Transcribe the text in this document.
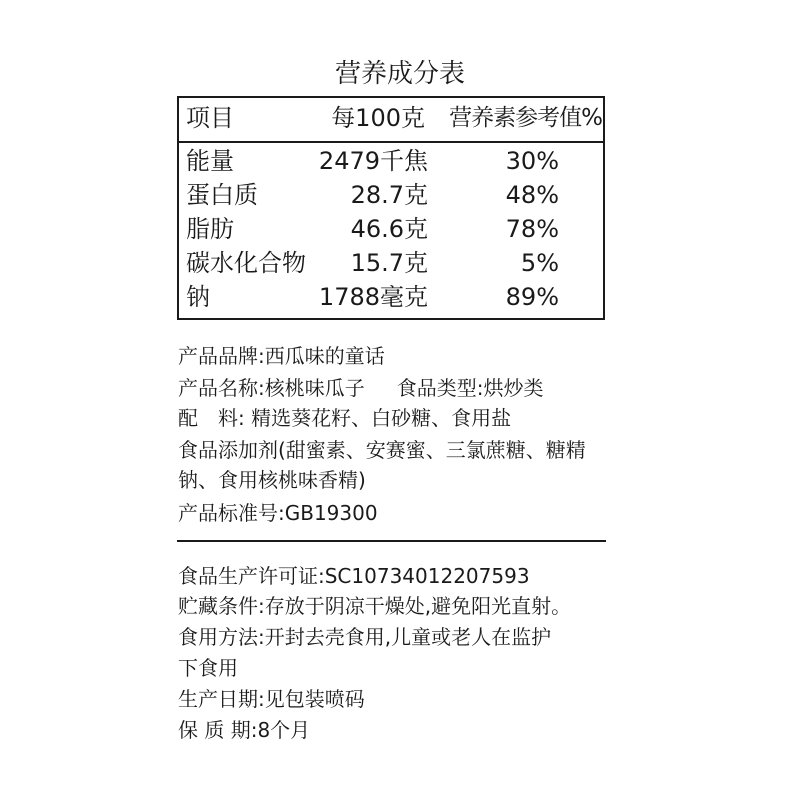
营养成分表
项目	每100克 营养素参考值%
能量	2479千焦	30%
蛋白质	28.7克	48%
脂肪	46.6克	78%
碳水化合物 15.7克	5%
钠	1788毫克	89%
产品品牌:西瓜味的童话
产品名称:核桃味瓜子 食品类型:烘炒类
配　料: 精选葵花籽、白砂糖、食用盐
食品添加剂(甜蜜素、安赛蜜、三氯蔗糖、糖精
钠、食用核桃味香精)
产品标准号:GB19300
食品生产许可证:SC10734012207593
贮藏条件:存放于阴凉干燥处,避免阳光直射。
食用方法:开封去壳食用,儿童或老人在监护
下食用
生产日期:见包装喷码
保 质 期:8个月
